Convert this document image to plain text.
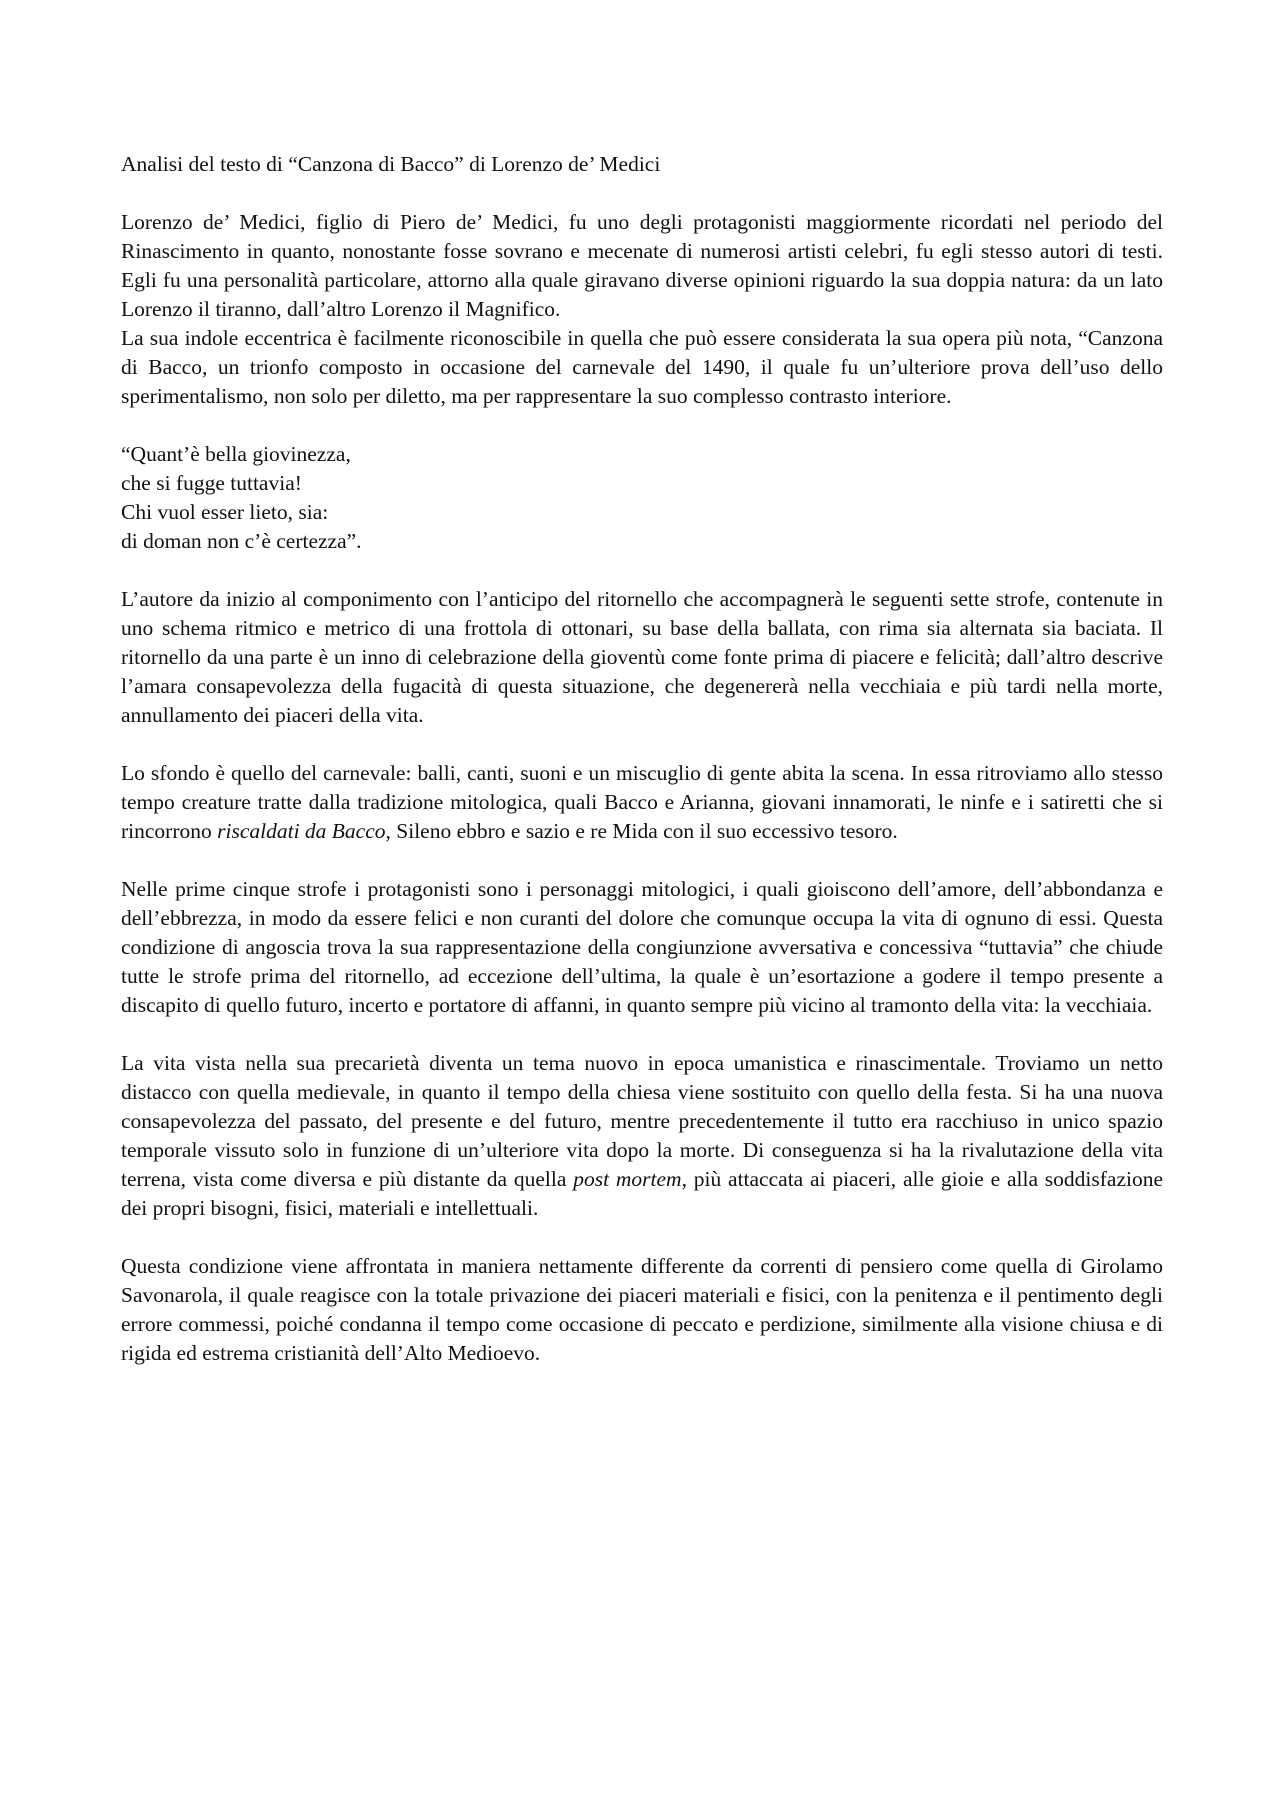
Analisi del testo di “Canzona di Bacco” di Lorenzo de’ Medici

Lorenzo de’ Medici, figlio di Piero de’ Medici, fu uno degli protagonisti maggiormente ricordati nel periodo del Rinascimento in quanto, nonostante fosse sovrano e mecenate di numerosi artisti celebri, fu egli stesso autori di testi. Egli fu una personalità particolare, attorno alla quale giravano diverse opinioni riguardo la sua doppia natura: da un lato Lorenzo il tiranno, dall’altro Lorenzo il Magnifico.

La sua indole eccentrica è facilmente riconoscibile in quella che può essere considerata la sua opera più nota, “Canzona di Bacco, un trionfo composto in occasione del carnevale del 1490, il quale fu un’ulteriore prova dell’uso dello sperimentalismo, non solo per diletto, ma per rappresentare la suo complesso contrasto interiore.

“Quant’è bella giovinezza,
che si fugge tuttavia!
Chi vuol esser lieto, sia:
di doman non c’è certezza”.

L’autore da inizio al componimento con l’anticipo del ritornello che accompagnerà le seguenti sette strofe, contenute in uno schema ritmico e metrico di una frottola di ottonari, su base della ballata, con rima sia alternata sia baciata. Il ritornello da una parte è un inno di celebrazione della gioventù come fonte prima di piacere e felicità; dall’altro descrive l’amara consapevolezza della fugacità di questa situazione, che degenererà nella vecchiaia e più tardi nella morte, annullamento dei piaceri della vita.

Lo sfondo è quello del carnevale: balli, canti, suoni e un miscuglio di gente abita la scena. In essa ritroviamo allo stesso tempo creature tratte dalla tradizione mitologica, quali Bacco e Arianna, giovani innamorati, le ninfe e i satiretti che si rincorrono riscaldati da Bacco, Sileno ebbro e sazio e re Mida con il suo eccessivo tesoro.

Nelle prime cinque strofe i protagonisti sono i personaggi mitologici, i quali gioiscono dell’amore, dell’abbondanza e dell’ebbrezza, in modo da essere felici e non curanti del dolore che comunque occupa la vita di ognuno di essi. Questa condizione di angoscia trova la sua rappresentazione della congiunzione avversativa e concessiva “tuttavia” che chiude tutte le strofe prima del ritornello, ad eccezione dell’ultima, la quale è un’esortazione a godere il tempo presente a discapito di quello futuro, incerto e portatore di affanni, in quanto sempre più vicino al tramonto della vita: la vecchiaia.

La vita vista nella sua precarietà diventa un tema nuovo in epoca umanistica e rinascimentale. Troviamo un netto distacco con quella medievale, in quanto il tempo della chiesa viene sostituito con quello della festa. Si ha una nuova consapevolezza del passato, del presente e del futuro, mentre precedentemente il tutto era racchiuso in unico spazio temporale vissuto solo in funzione di un’ulteriore vita dopo la morte. Di conseguenza si ha la rivalutazione della vita terrena, vista come diversa e più distante da quella post mortem, più attaccata ai piaceri, alle gioie e alla soddisfazione dei propri bisogni, fisici, materiali e intellettuali.

Questa condizione viene affrontata in maniera nettamente differente da correnti di pensiero come quella di Girolamo Savonarola, il quale reagisce con la totale privazione dei piaceri materiali e fisici, con la penitenza e il pentimento degli errore commessi, poiché condanna il tempo come occasione di peccato e perdizione, similmente alla visione chiusa e di rigida ed estrema cristianità dell’Alto Medioevo.
